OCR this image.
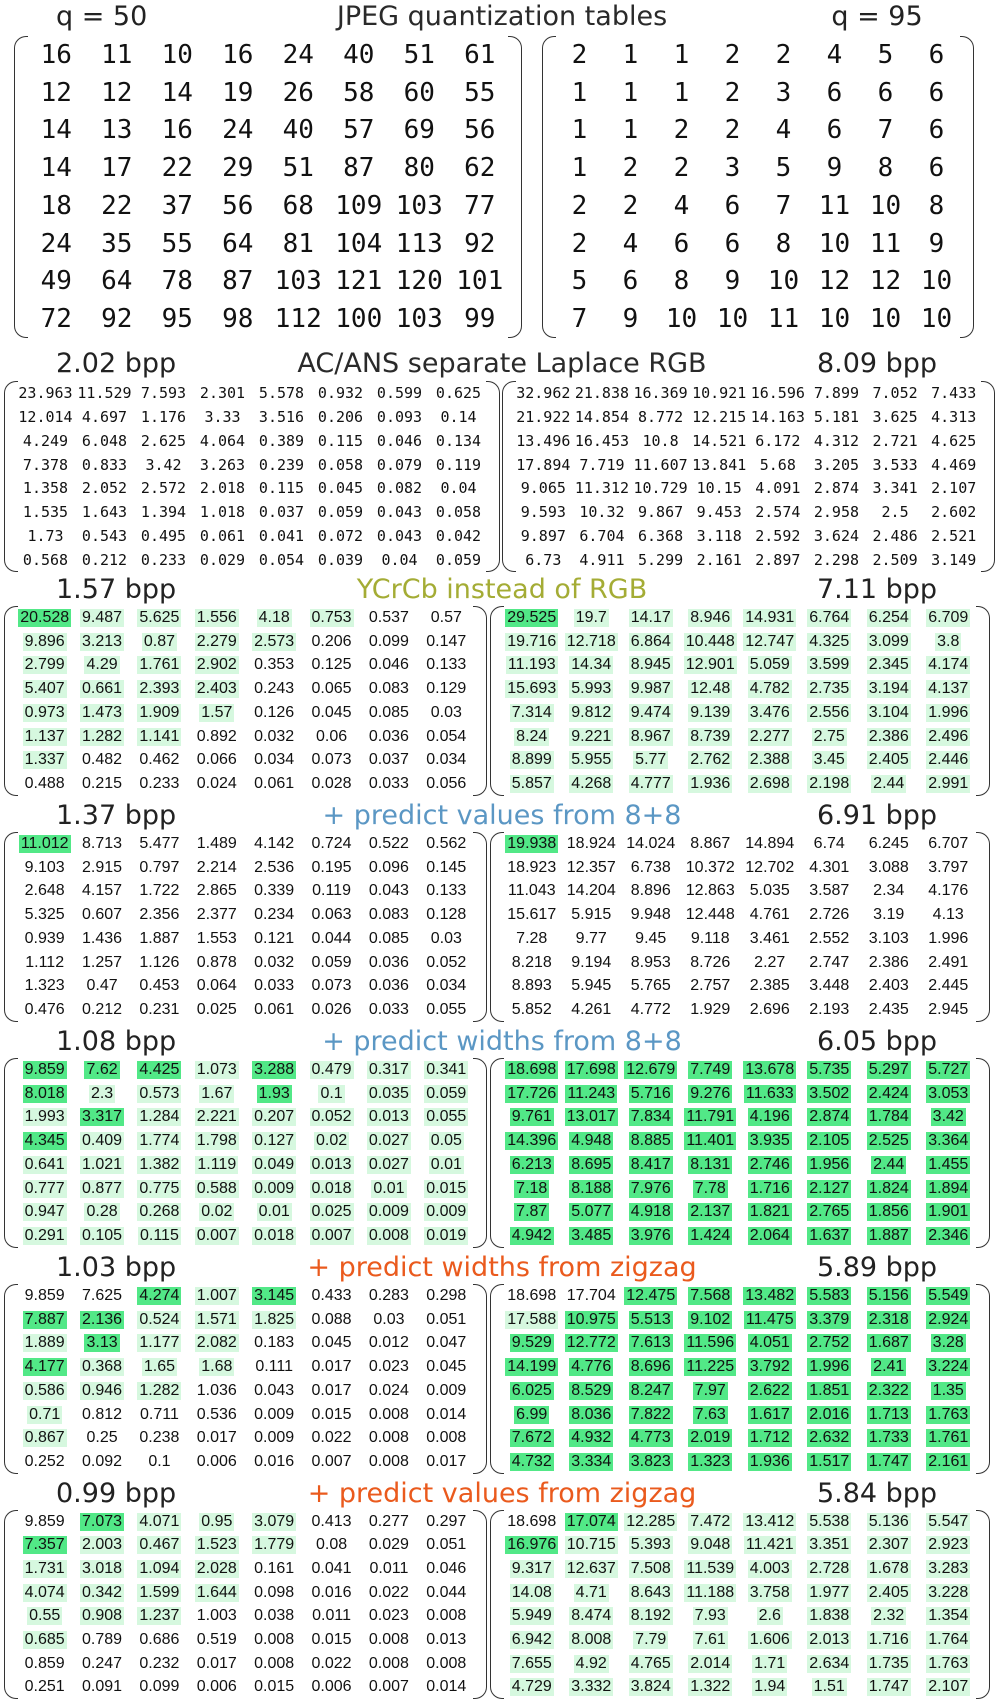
q = 50	JPEG quantization tables	q = 95
16 11 10 16 24 40 51 61
12 12 14 19 26 58 60 55
14 13 16 24 40 57 69 56
14 17 22 29 51 87 80 62
18 22 37 56 68 109 103 77
24 35 55 64 81 104 113 92
49 64 78 87 103 121 120 101
72 92 95 98 112 100 103 99
2 1 1 2 2 4 5 6
1 1 1 2 3 6 6 6
1 1 2 2 4 6 7 6
1 2 2 3 5 9 8 6
2 2 4 6 7 11 10 8
2 4 6 6 8 10 11 9
5 6 8 9 10 12 12 10
7 9 10 10 11 10 10 10
2.02 bpp	AC/ANS separate Laplace RGB	8.09 bpp
23.963 11.529 7.593 2.301 5.578 0.932 0.599 0.625
12.014 4.697 1.176 3.33 3.516 0.206 0.093 0.14
4.249 6.048 2.625 4.064 0.389 0.115 0.046 0.134
7.378 0.833 3.42 3.263 0.239 0.058 0.079 0.119
1.358 2.052 2.572 2.018 0.115 0.045 0.082 0.04
1.535 1.643 1.394 1.018 0.037 0.059 0.043 0.058
1.73 0.543 0.495 0.061 0.041 0.072 0.043 0.042
0.568 0.212 0.233 0.029 0.054 0.039 0.04 0.059
32.962 21.838 16.369 10.921 16.596 7.899 7.052 7.433
21.922 14.854 8.772 12.215 14.163 5.181 3.625 4.313
13.496 16.453 10.8 14.521 6.172 4.312 2.721 4.625
17.894 7.719 11.607 13.841 5.68 3.205 3.533 4.469
9.065 11.312 10.729 10.15 4.091 2.874 3.341 2.107
9.593 10.32 9.867 9.453 2.574 2.958 2.5 2.602
9.897 6.704 6.368 3.118 2.592 3.624 2.486 2.521
6.73 4.911 5.299 2.161 2.897 2.298 2.509 3.149
1.57 bpp	YCrCb instead of RGB	7.11 bpp
20.528 9.487 5.625 1.556 4.18 0.753 0.537 0.57
9.896 3.213 0.87 2.279 2.573 0.206 0.099 0.147
2.799 4.29 1.761 2.902 0.353 0.125 0.046 0.133
5.407 0.661 2.393 2.403 0.243 0.065 0.083 0.129
0.973 1.473 1.909 1.57 0.126 0.045 0.085 0.03
1.137 1.282 1.141 0.892 0.032 0.06 0.036 0.054
1.337 0.482 0.462 0.066 0.034 0.073 0.037 0.034
0.488 0.215 0.233 0.024 0.061 0.028 0.033 0.056
29.525 19.7 14.17 8.946 14.931 6.764 6.254 6.709
19.716 12.718 6.864 10.448 12.747 4.325 3.099 3.8
11.193 14.34 8.945 12.901 5.059 3.599 2.345 4.174
15.693 5.993 9.987 12.48 4.782 2.735 3.194 4.137
7.314 9.812 9.474 9.139 3.476 2.556 3.104 1.996
8.24 9.221 8.967 8.739 2.277 2.75 2.386 2.496
8.899 5.955 5.77 2.762 2.388 3.45 2.405 2.446
5.857 4.268 4.777 1.936 2.698 2.198 2.44 2.991
1.37 bpp	+ predict values from 8+8	6.91 bpp
11.012 8.713 5.477 1.489 4.142 0.724 0.522 0.562
9.103 2.915 0.797 2.214 2.536 0.195 0.096 0.145
2.648 4.157 1.722 2.865 0.339 0.119 0.043 0.133
5.325 0.607 2.356 2.377 0.234 0.063 0.083 0.128
0.939 1.436 1.887 1.553 0.121 0.044 0.085 0.03
1.112 1.257 1.126 0.878 0.032 0.059 0.036 0.052
1.323 0.47 0.453 0.064 0.033 0.073 0.036 0.034
0.476 0.212 0.231 0.025 0.061 0.026 0.033 0.055
19.938 18.924 14.024 8.867 14.894 6.74 6.245 6.707
18.923 12.357 6.738 10.372 12.702 4.301 3.088 3.797
11.043 14.204 8.896 12.863 5.035 3.587 2.34 4.176
15.617 5.915 9.948 12.448 4.761 2.726 3.19 4.13
7.28 9.77 9.45 9.118 3.461 2.552 3.103 1.996
8.218 9.194 8.953 8.726 2.27 2.747 2.386 2.491
8.893 5.945 5.765 2.757 2.385 3.448 2.403 2.445
5.852 4.261 4.772 1.929 2.696 2.193 2.435 2.945
1.08 bpp	+ predict widths from 8+8	6.05 bpp
9.859 7.62 4.425 1.073 3.288 0.479 0.317 0.341
8.018 2.3 0.573 1.67 1.93 0.1 0.035 0.059
1.993 3.317 1.284 2.221 0.207 0.052 0.013 0.055
4.345 0.409 1.774 1.798 0.127 0.02 0.027 0.05
0.641 1.021 1.382 1.119 0.049 0.013 0.027 0.01
0.777 0.877 0.775 0.588 0.009 0.018 0.01 0.015
0.947 0.28 0.268 0.02 0.01 0.025 0.009 0.009
0.291 0.105 0.115 0.007 0.018 0.007 0.008 0.019
18.698 17.698 12.679 7.749 13.678 5.735 5.297 5.727
17.726 11.243 5.716 9.276 11.633 3.502 2.424 3.053
9.761 13.017 7.834 11.791 4.196 2.874 1.784 3.42
14.396 4.948 8.885 11.401 3.935 2.105 2.525 3.364
6.213 8.695 8.417 8.131 2.746 1.956 2.44 1.455
7.18 8.188 7.976 7.78 1.716 2.127 1.824 1.894
7.87 5.077 4.918 2.137 1.821 2.765 1.856 1.901
4.942 3.485 3.976 1.424 2.064 1.637 1.887 2.346
1.03 bpp	+ predict widths from zigzag	5.89 bpp
9.859 7.625 4.274 1.007 3.145 0.433 0.283 0.298
7.887 2.136 0.524 1.571 1.825 0.088 0.03 0.051
1.889 3.13 1.177 2.082 0.183 0.045 0.012 0.047
4.177 0.368 1.65 1.68 0.111 0.017 0.023 0.045
0.586 0.946 1.282 1.036 0.043 0.017 0.024 0.009
0.71 0.812 0.711 0.536 0.009 0.015 0.008 0.014
0.867 0.25 0.238 0.017 0.009 0.022 0.008 0.008
0.252 0.092 0.1 0.006 0.016 0.007 0.008 0.017
18.698 17.704 12.475 7.568 13.482 5.583 5.156 5.549
17.588 10.975 5.513 9.102 11.475 3.379 2.318 2.924
9.529 12.772 7.613 11.596 4.051 2.752 1.687 3.28
14.199 4.776 8.696 11.225 3.792 1.996 2.41 3.224
6.025 8.529 8.247 7.97 2.622 1.851 2.322 1.35
6.99 8.036 7.822 7.63 1.617 2.016 1.713 1.763
7.672 4.932 4.773 2.019 1.712 2.632 1.733 1.761
4.732 3.334 3.823 1.323 1.936 1.517 1.747 2.161
0.99 bpp	+ predict values from zigzag	5.84 bpp
9.859 7.073 4.071 0.95 3.079 0.413 0.277 0.297
7.357 2.003 0.467 1.523 1.779 0.08 0.029 0.051
1.731 3.018 1.094 2.028 0.161 0.041 0.011 0.046
4.074 0.342 1.599 1.644 0.098 0.016 0.022 0.044
0.55 0.908 1.237 1.003 0.038 0.011 0.023 0.008
0.685 0.789 0.686 0.519 0.008 0.015 0.008 0.013
0.859 0.247 0.232 0.017 0.008 0.022 0.008 0.008
0.251 0.091 0.099 0.006 0.015 0.006 0.007 0.014
18.698 17.074 12.285 7.472 13.412 5.538 5.136 5.547
16.976 10.715 5.393 9.048 11.421 3.351 2.307 2.923
9.317 12.637 7.508 11.539 4.003 2.728 1.678 3.283
14.08 4.71 8.643 11.188 3.758 1.977 2.405 3.228
5.949 8.474 8.192 7.93 2.6 1.838 2.32 1.354
6.942 8.008 7.79 7.61 1.606 2.013 1.716 1.764
7.655 4.92 4.765 2.014 1.71 2.634 1.735 1.763
4.729 3.332 3.824 1.322 1.94 1.51 1.747 2.107
